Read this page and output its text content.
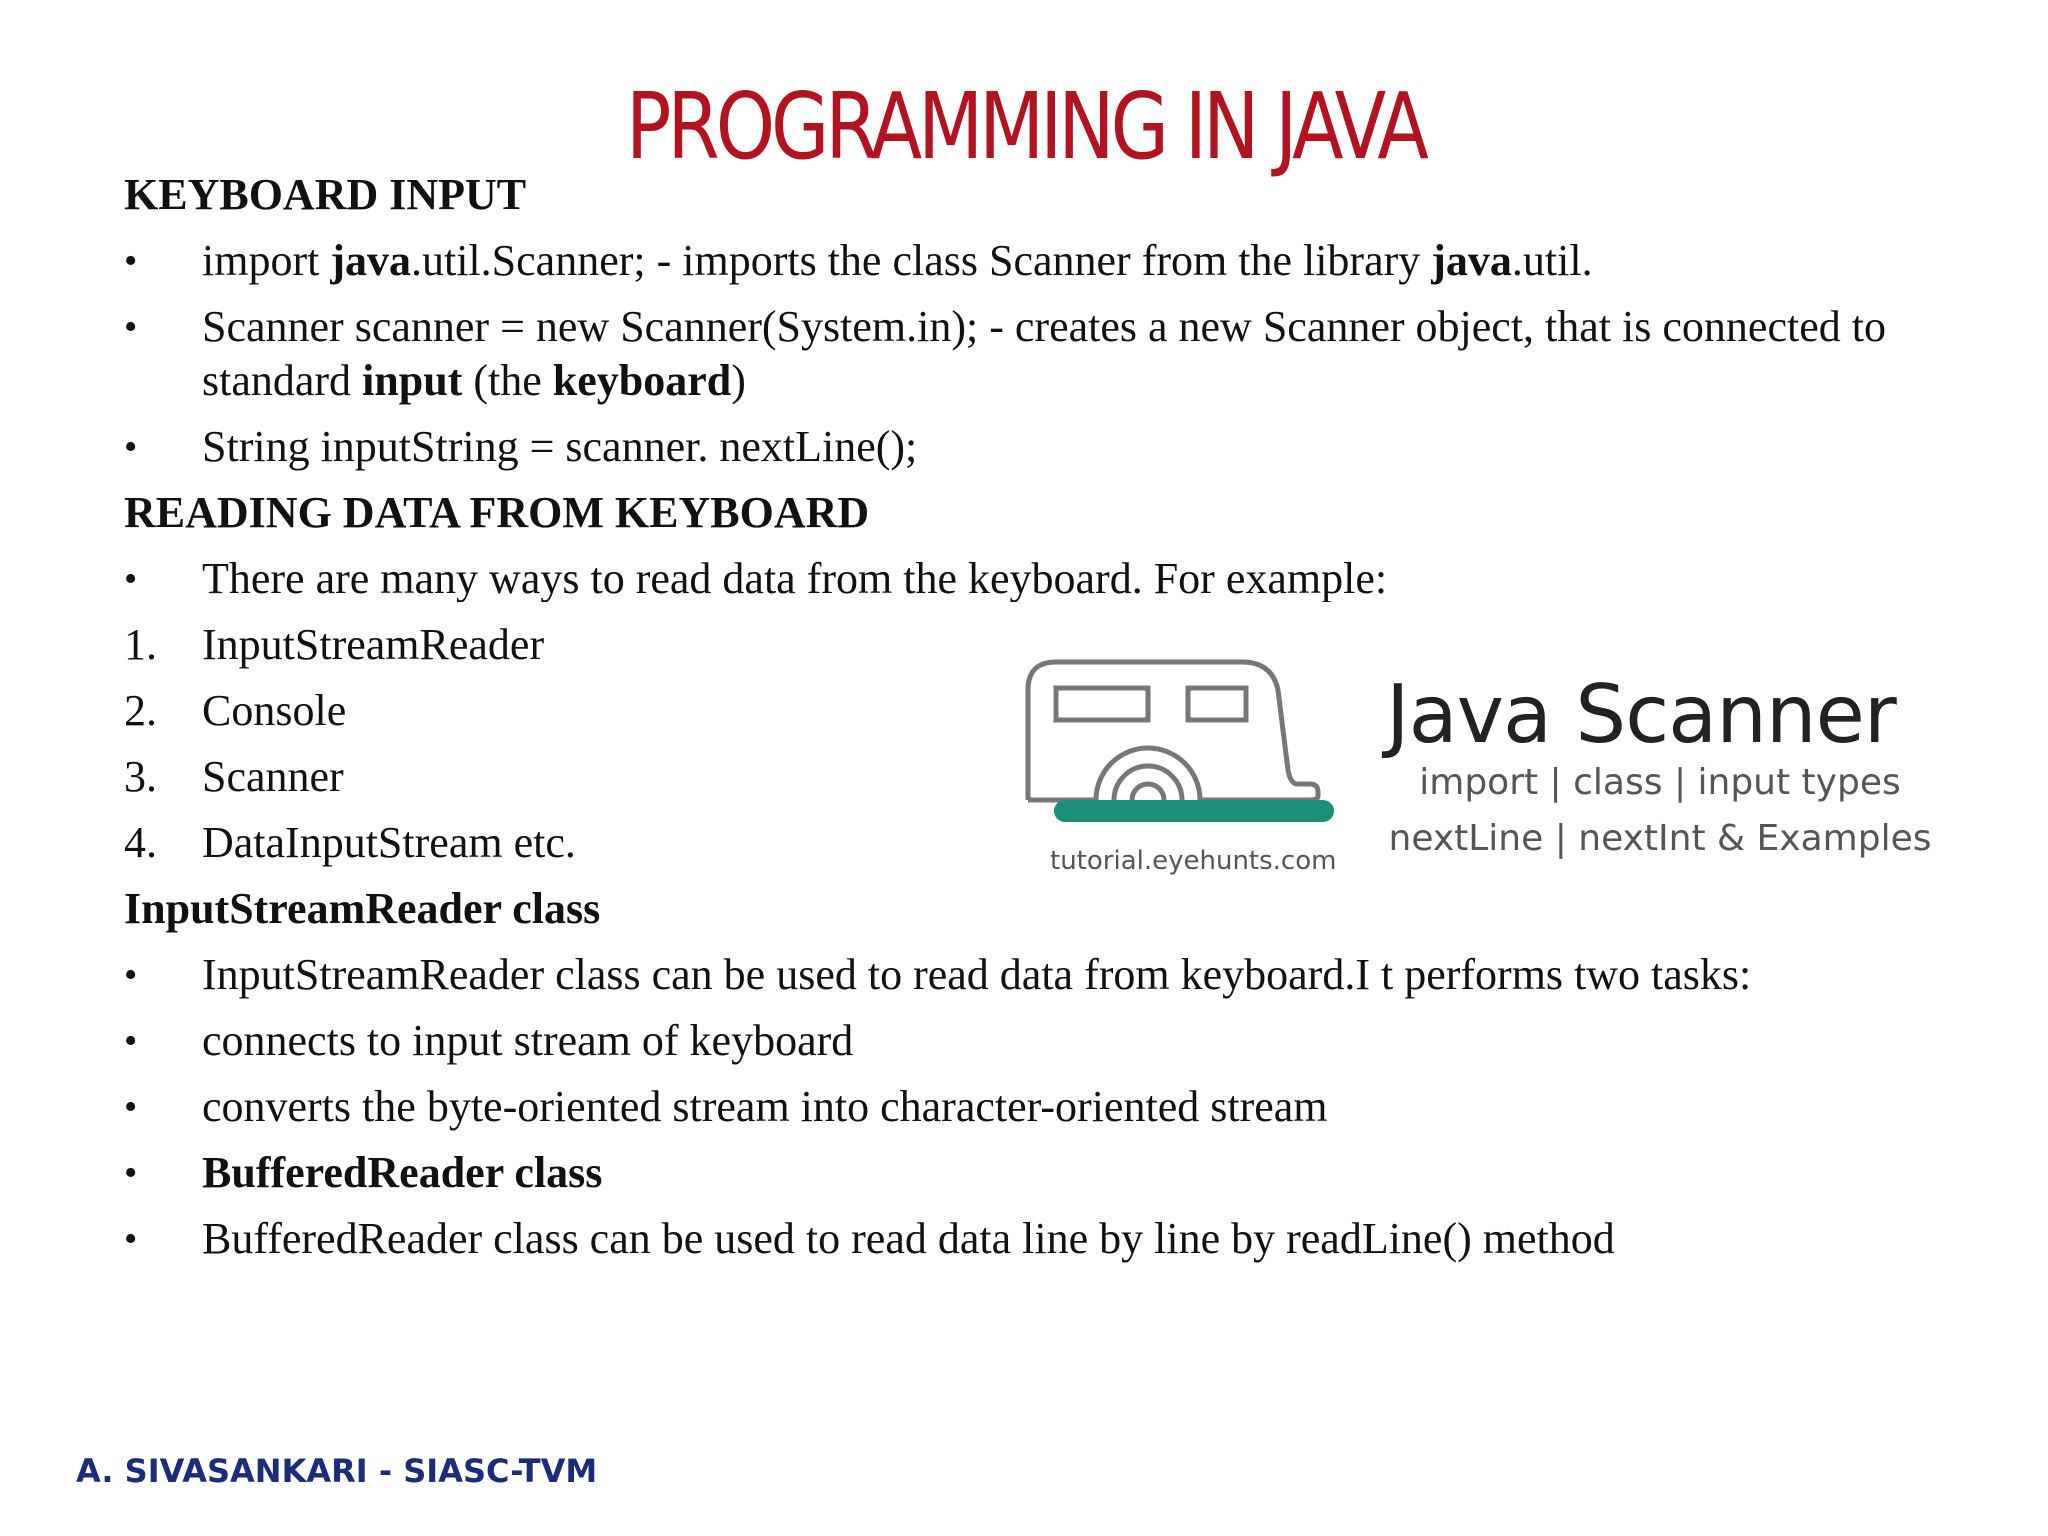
PROGRAMMING IN JAVA
KEYBOARD INPUT
•	import java.util.Scanner; - imports the class Scanner from the library java.util.
•	Scanner scanner = new Scanner(System.in); - creates a new Scanner object, that is connected to standard input (the keyboard)
•	String inputString = scanner. nextLine();
READING DATA FROM KEYBOARD
•	There are many ways to read data from the keyboard. For example:
1.	InputStreamReader
2.	Console
3.	Scanner
4.	DataInputStream etc.
InputStreamReader class
•	InputStreamReader class can be used to read data from keyboard.I t performs two tasks:
•	connects to input stream of keyboard
•	converts the byte-oriented stream into character-oriented stream
•	BufferedReader class
•	BufferedReader class can be used to read data line by line by readLine() method
tutorial.eyehunts.com
Java Scanner
import | class | input types
nextLine | nextInt & Examples
A. SIVASANKARI - SIASC-TVM
